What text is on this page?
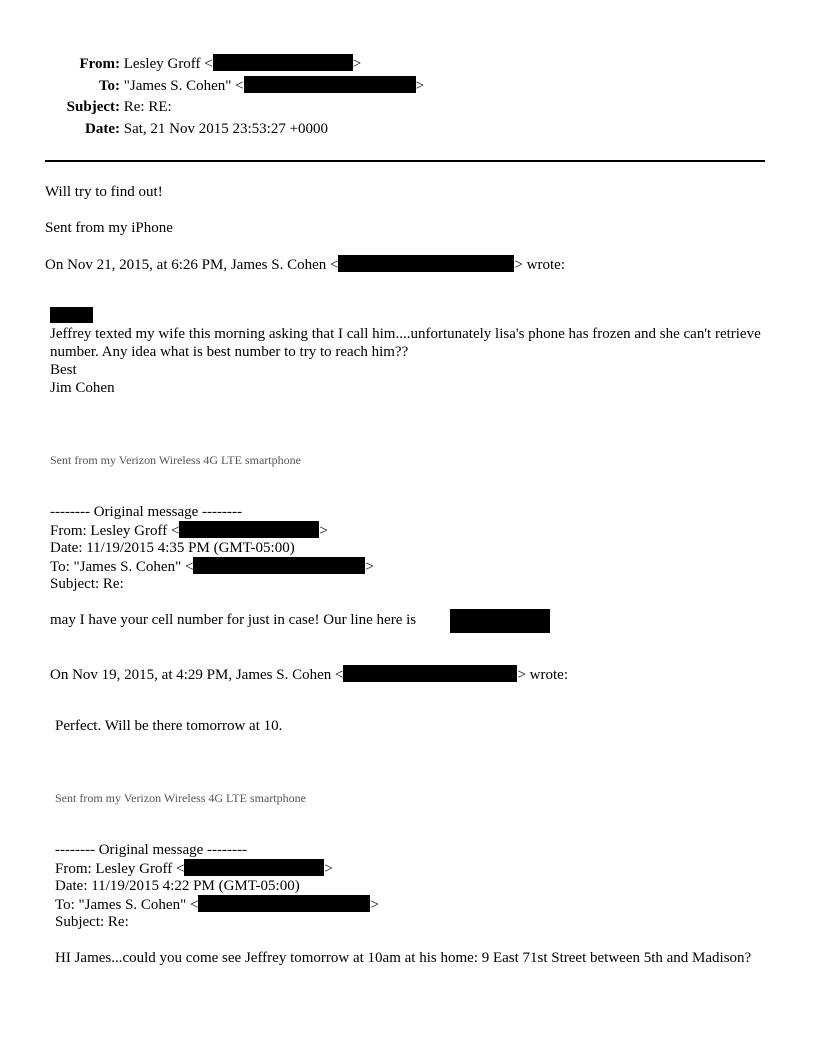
From: Lesley Groff <	>
To: "James S. Cohen" <	>
Subject: Re: RE:
Date: Sat, 21 Nov 2015 23:53:27 +0000
Will try to find out!
Sent from my iPhone
On Nov 21, 2015, at 6:26 PM, James S. Cohen <	> wrote:
Jeffrey texted my wife this morning asking that I call him....unfortunately lisa's phone has frozen and she can't retrieve number. Any idea what is best number to try to reach him??
Best
Jim Cohen
Sent from my Verizon Wireless 4G LTE smartphone
-------- Original message --------
From: Lesley Groff <	>
Date: 11/19/2015 4:35 PM (GMT-05:00)
To: "James S. Cohen" <	>
Subject: Re:
may I have your cell number for just in case! Our line here is
On Nov 19, 2015, at 4:29 PM, James S. Cohen <	> wrote:
Perfect. Will be there tomorrow at 10.
Sent from my Verizon Wireless 4G LTE smartphone
-------- Original message --------
From: Lesley Groff <	>
Date: 11/19/2015 4:22 PM (GMT-05:00)
To: "James S. Cohen" <	>
Subject: Re:
HI James...could you come see Jeffrey tomorrow at 10am at his home: 9 East 71st Street between 5th and Madison?
